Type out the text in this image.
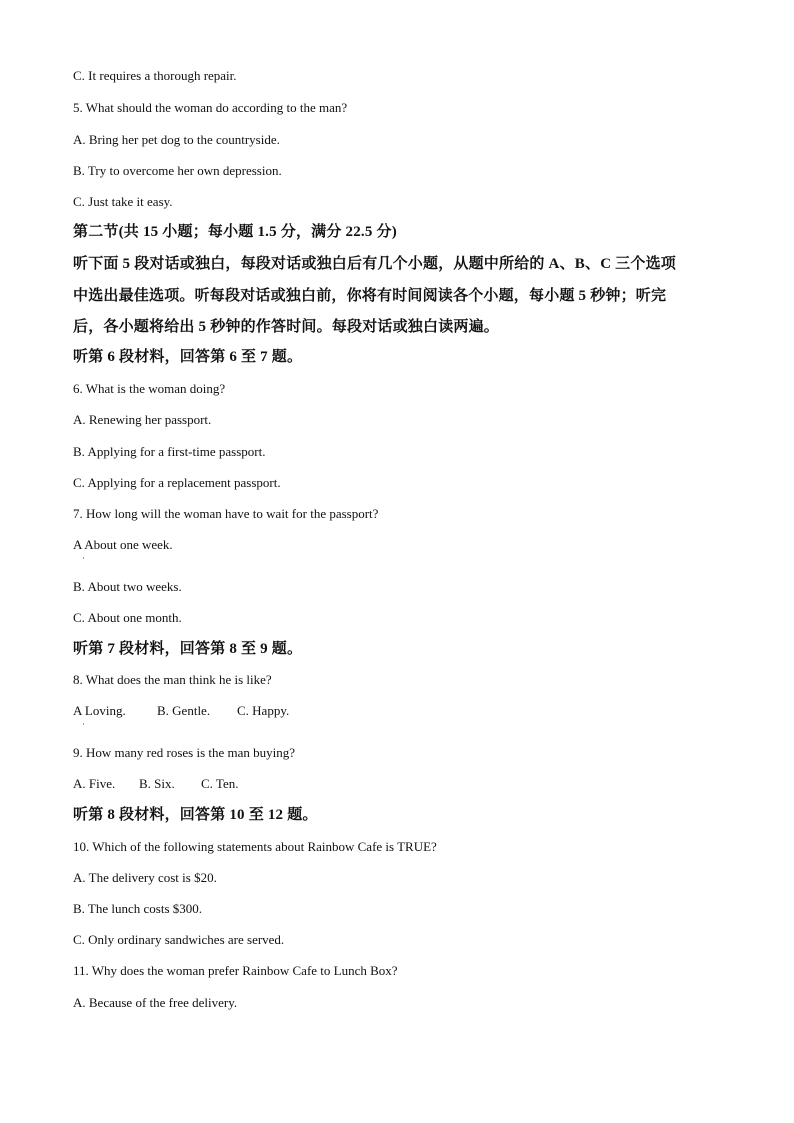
C. It requires a thorough repair.
5. What should the woman do according to the man?
A. Bring her pet dog to the countryside.
B. Try to overcome her own depression.
C. Just take it easy.
第二节(共 15 小题；每小题 1.5 分，满分 22.5 分)
听下面 5 段对话或独白，每段对话或独白后有几个小题，从题中所给的 A、B、C 三个选项
中选出最佳选项。听每段对话或独白前，你将有时间阅读各个小题，每小题 5 秒钟；听完
后，各小题将给出 5 秒钟的作答时间。每段对话或独白读两遍。
听第 6 段材料，回答第 6 至 7 题。
6. What is the woman doing?
A. Renewing her passport.
B. Applying for a first-time passport.
C. Applying for a replacement passport.
7. How long will the woman have to wait for the passport?
A About one week.
·
B. About two weeks.
C. About one month.
听第 7 段材料，回答第 8 至 9 题。
8. What does the man think he is like?
A Loving. B. Gentle. C. Happy.
·
9. How many red roses is the man buying?
A. Five. B. Six. C. Ten.
听第 8 段材料，回答第 10 至 12 题。
10. Which of the following statements about Rainbow Cafe is TRUE?
A. The delivery cost is $20.
B. The lunch costs $300.
C. Only ordinary sandwiches are served.
11. Why does the woman prefer Rainbow Cafe to Lunch Box?
A. Because of the free delivery.
